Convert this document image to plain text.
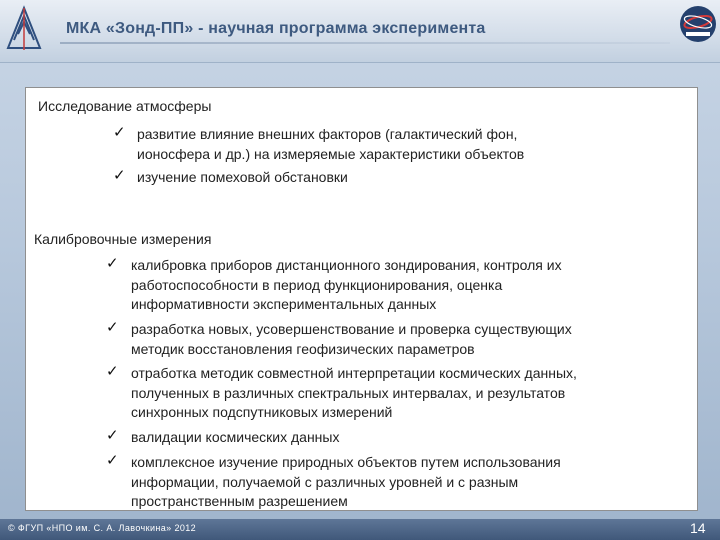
МКА «Зонд-ПП» - научная программа эксперимента
Исследование атмосферы
✓ развитие влияние внешних факторов (галактический фон,
ионосфера и др.) на измеряемые характеристики объектов
✓ изучение помеховой обстановки
Калибровочные измерения
✓ калибровка приборов дистанционного зондирования, контроля их
работоспособности в период функционирования, оценка
информативности экспериментальных данных
✓ разработка новых, усовершенствование и проверка существующих
методик восстановления геофизических параметров
✓ отработка методик совместной интерпретации космических данных,
полученных в различных спектральных интервалах, и результатов
синхронных подспутниковых измерений
✓ валидации космических данных
✓ комплексное изучение природных объектов путем использования
информации, получаемой с различных уровней и с разным
пространственным разрешением
© ФГУП «НПО им. С. А. Лавочкина» 2012	14
